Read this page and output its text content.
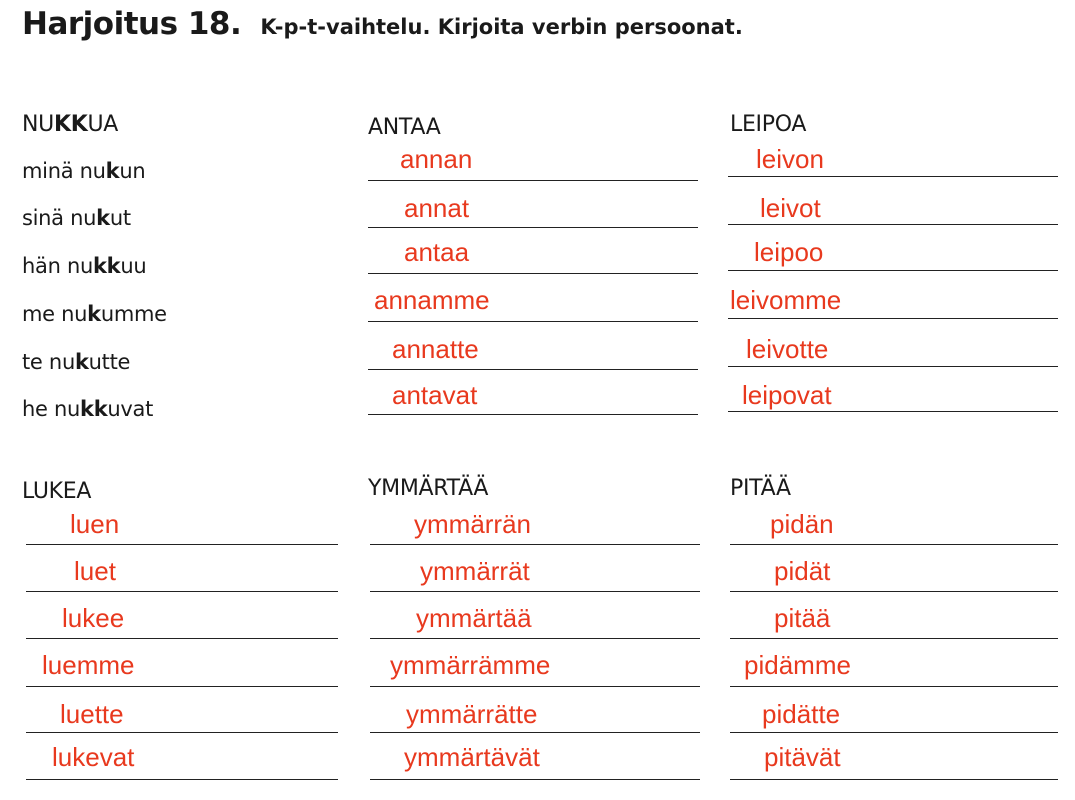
Harjoitus 18. K-p-t-vaihtelu. Kirjoita verbin persoonat.
NUKKUA
minä nukun
sinä nukut
hän nukkuu
me nukumme
te nukutte
he nukkuvat
ANTAA
annan
annat
antaa
annamme
annatte
antavat
LEIPOA
leivon
leivot
leipoo
leivomme
leivotte
leipovat
LUKEA
luen
luet
lukee
luemme
luette
lukevat
YMMÄRTÄÄ
ymmärrän
ymmärrät
ymmärtää
ymmärrämme
ymmärrätte
ymmärtävät
PITÄÄ
pidän
pidät
pitää
pidämme
pidätte
pitävät
